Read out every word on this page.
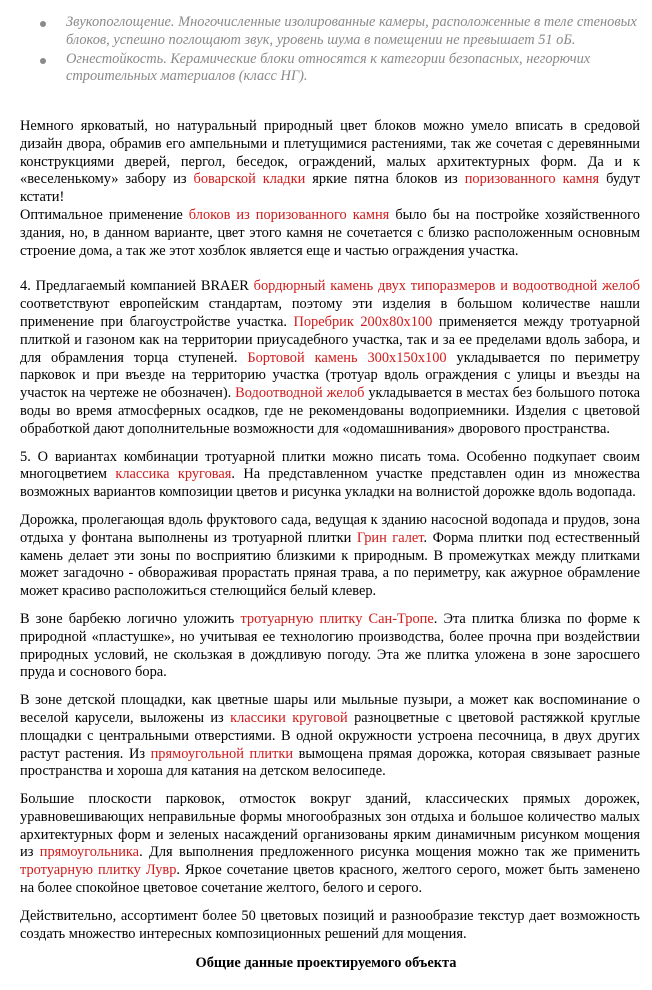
Звукопоглощение. Многочисленные изолированные камеры, расположенные в теле стеновых блоков, успешно поглощают звук, уровень шума в помещении не превышает 51 оБ.
Огнестойкость. Керамические блоки относятся к категории безопасных, негорючих строительных материалов (класс НГ).

Немного ярковатый, но натуральный природный цвет блоков можно умело вписать в средовой дизайн двора, обрамив его ампельными и плетущимися растениями, так же сочетая с деревянными конструкциями дверей, пергол, беседок, ограждений, малых архитектурных форм. Да и к «веселенькому» забору из боварской кладки яркие пятна блоков из поризованного камня будут кстати!

Оптимальное применение блоков из поризованного камня было бы на постройке хозяйственного здания, но, в данном варианте, цвет этого камня не сочетается с близко расположенным основным строение дома, а так же этот хозблок является еще и частью ограждения участка.

4. Предлагаемый компанией BRAER бордюрный камень двух типоразмеров и водоотводной желоб соответствуют европейским стандартам, поэтому эти изделия в большом количестве нашли применение при благоустройстве участка. Поребрик 200х80х100 применяется между тротуарной плиткой и газоном как на территории приусадебного участка, так и за ее пределами вдоль забора, и для обрамления торца ступеней. Бортовой камень 300х150х100 укладывается по периметру парковок и при въезде на территорию участка (тротуар вдоль ограждения с улицы и въезды на участок на чертеже не обозначен). Водоотводной желоб укладывается в местах без большого потока воды во время атмосферных осадков, где не рекомендованы водоприемники. Изделия с цветовой обработкой дают дополнительные возможности для «одомашнивания» дворового пространства.

5. О вариантах комбинации тротуарной плитки можно писать тома. Особенно подкупает своим многоцветием классика круговая. На представленном участке представлен один из множества возможных вариантов композиции цветов и рисунка укладки на волнистой дорожке вдоль водопада.

Дорожка, пролегающая вдоль фруктового сада, ведущая к зданию насосной водопада и прудов, зона отдыха у фонтана выполнены из тротуарной плитки Грин галет. Форма плитки под естественный камень делает эти зоны по восприятию близкими к природным. В промежутках между плитками может загадочно - обворaживая прорастать пряная трава, а по периметру, как ажурное обрамление может красиво расположиться стелющийся белый клевер.

В зоне барбекю логично уложить тротуарную плитку Сан-Тропе. Эта плитка близка по форме к природной «пластушке», но учитывая ее технологию производства, более прочна при воздействии природных условий, не скользкая в дождливую погоду. Эта же плитка уложена в зоне заросшего пруда и соснового бора.

В зоне детской площадки, как цветные шары или мыльные пузыри, а может как воспоминание о веселой карусели, выложены из классики круговой разноцветные с цветовой растяжкой круглые площадки с центральными отверстиями. В одной окружности устроена песочница, в двух других растут растения. Из прямоугольной плитки вымощена прямая дорожка, которая связывает разные пространства и хороша для катания на детском велосипеде.

Большие плоскости парковок, отмосток вокруг зданий, классических прямых дорожек, уравновешивающих неправильные формы многообразных зон отдыха и большое количество малых архитектурных форм и зеленых насаждений организованы ярким динамичным рисунком мощения из прямоугольника. Для выполнения предложенного рисунка мощения можно так же применить тротуарную плитку Лувр. Яркое сочетание цветов красного, желтого серого, может быть заменено на более спокойное цветовое сочетание желтого, белого и серого.

Действительно, ассортимент более 50 цветовых позиций и разнообразие текстур дает возможность создать множество интересных композиционных решений для мощения.

Общие данные проектируемого объекта
